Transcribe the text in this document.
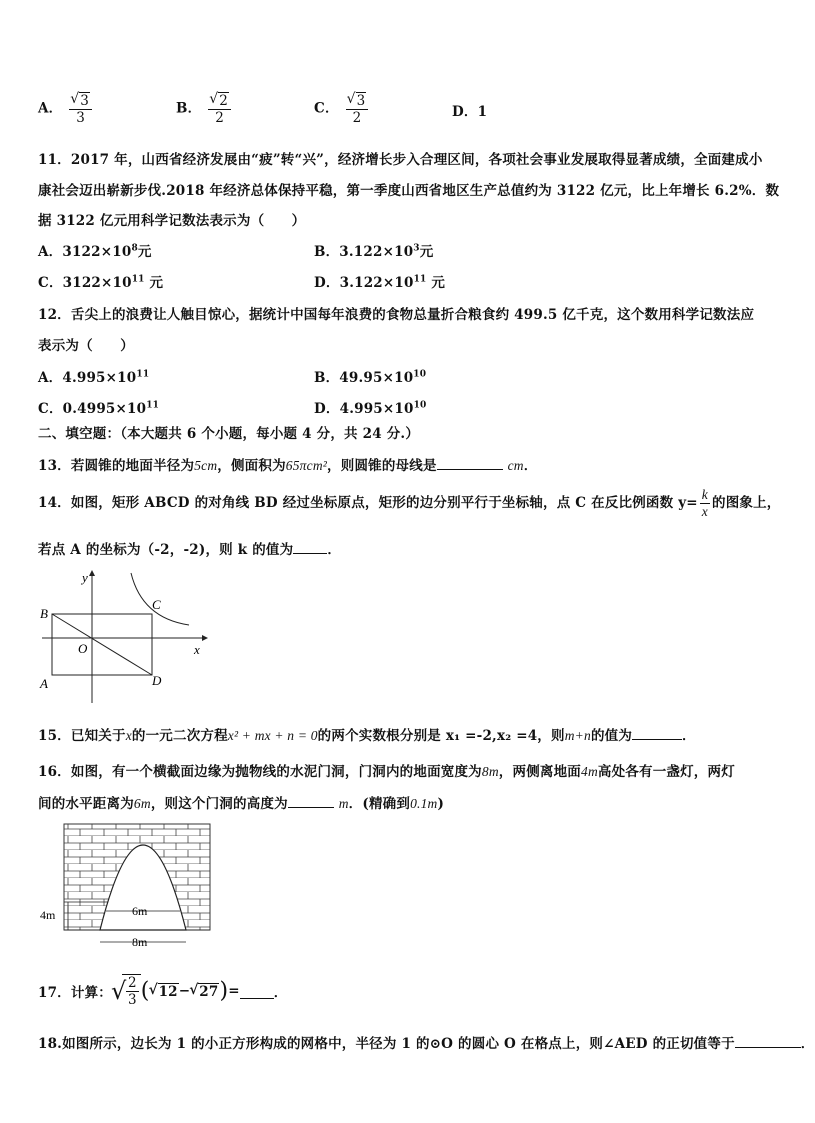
A． √ $\frac{3}{3}$	B． √ $\frac{2}{2}$	C． √ $\frac{3}{2}$	D．1
11．2017 年，山西省经济发展由“疲”转“兴”，经济增长步入合理区间，各项社会事业发展取得显著成绩，全面建成小
康社会迈出崭新步伐.2018 年经济总体保持平稳，第一季度山西省地区生产总值约为 3122 亿元，比上年增长 6.2%．数
据 3122 亿元用科学记数法表示为（　　）
A．$3122\times 10^8$元	B．$3.122\times 10^3$元
C．$3122\times 10^{11}$ 元	D．$3.122\times 10^{11}$ 元
12．舌尖上的浪费让人触目惊心，据统计中国每年浪费的食物总量折合粮食约 499.5 亿千克，这个数用科学记数法应
表示为（　　）
A．$4.995\times 10^{11}$	B．$49.95\times 10^{10}$
C．$0.4995\times 10^{11}$	D．$4.995\times 10^{10}$
二、填空题：（本大题共 6 个小题，每小题 4 分，共 24 分.）
13．若圆锥的地面半径为5cm，侧面积为65πcm²，则圆锥的母线是	cm．
14．如图，矩形 ABCD 的对角线 BD 经过坐标原点，矩形的边分别平行于坐标轴，点 C 在反比例函数 $y= \frac{k}{x}$ 的图象上，
若点 A 的坐标为（-2，-2)，则 k 的值为	．
y
x
B
C
O
A	D
15．已知关于x的一元二次方程x² + mx + n = 0的两个实数根分别是 x₁ =-2,x₂ =4，则m+n的值为	．
16．如图，有一个横截面边缘为抛物线的水泥门洞，门洞内的地面宽度为8m，两侧离地面4m高处各有一盏灯，两灯
间的水平距离为6m，则这个门洞的高度为	m．(精确到0.1m)
4m	6m
8m
17．计算： √ $\frac{2}{3}$ ( √ 12− √ 27)=	．
18.如图所示，边长为 1 的小正方形构成的网格中，半径为 1 的⊙O 的圆心 O 在格点上，则∠AED 的正切值等于	．
